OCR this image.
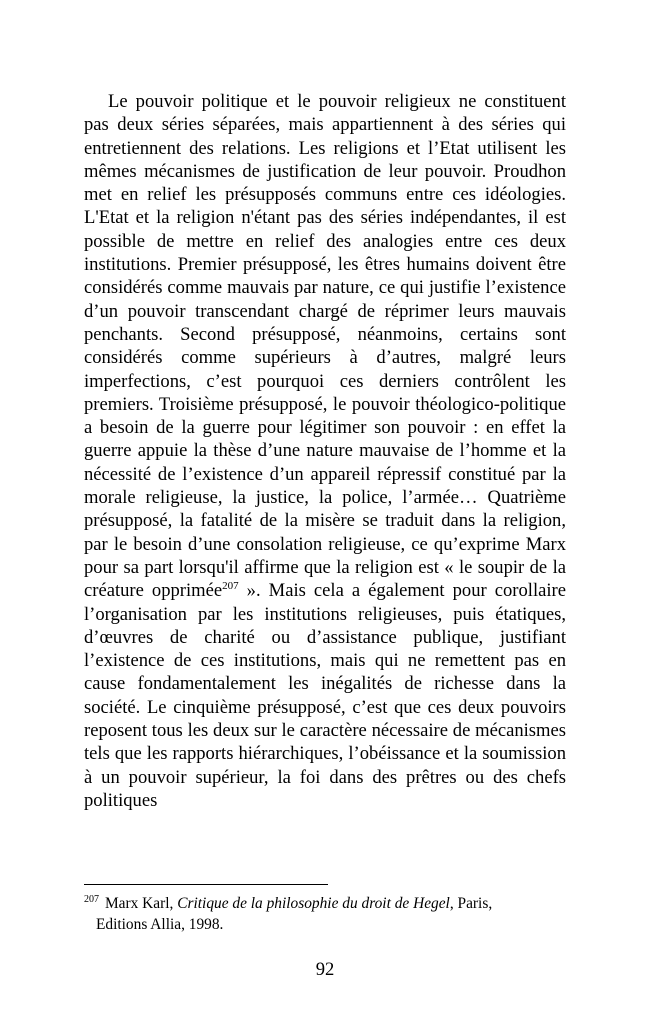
Le pouvoir politique et le pouvoir religieux ne constituent pas deux séries séparées, mais appartiennent à des séries qui entretiennent des relations. Les religions et l’Etat utilisent les mêmes mécanismes de justification de leur pouvoir. Proudhon met en relief les présupposés communs entre ces idéologies. L'Etat et la religion n'étant pas des séries indépendantes, il est possible de mettre en relief des analogies entre ces deux institutions. Premier présupposé, les êtres humains doivent être considérés comme mauvais par nature, ce qui justifie l’existence d’un pouvoir transcendant chargé de réprimer leurs mauvais penchants. Second présupposé, néanmoins, certains sont considérés comme supérieurs à d’autres, malgré leurs imperfections, c’est pourquoi ces derniers contrôlent les premiers. Troisième présupposé, le pouvoir théologico-politique a besoin de la guerre pour légitimer son pouvoir : en effet la guerre appuie la thèse d’une nature mauvaise de l’homme et la nécessité de l’existence d’un appareil répressif constitué par la morale religieuse, la justice, la police, l’armée… Quatrième présupposé, la fatalité de la misère se traduit dans la religion, par le besoin d’une consolation religieuse, ce qu’exprime Marx pour sa part lorsqu'il affirme que la religion est « le soupir de la créature opprimée$^{207}$ ». Mais cela a également pour corollaire l’organisation par les institutions religieuses, puis étatiques, d’œuvres de charité ou d’assistance publique, justifiant l’existence de ces institutions, mais qui ne remettent pas en cause fondamentalement les inégalités de richesse dans la société. Le cinquième présupposé, c’est que ces deux pouvoirs reposent tous les deux sur le caractère nécessaire de mécanismes tels que les rapports hiérarchiques, l’obéissance et la soumission à un pouvoir supérieur, la foi dans des prêtres ou des chefs politiques

$^{207}$ Marx Karl, Critique de la philosophie du droit de Hegel, Paris,
Editions Allia, 1998.

92
